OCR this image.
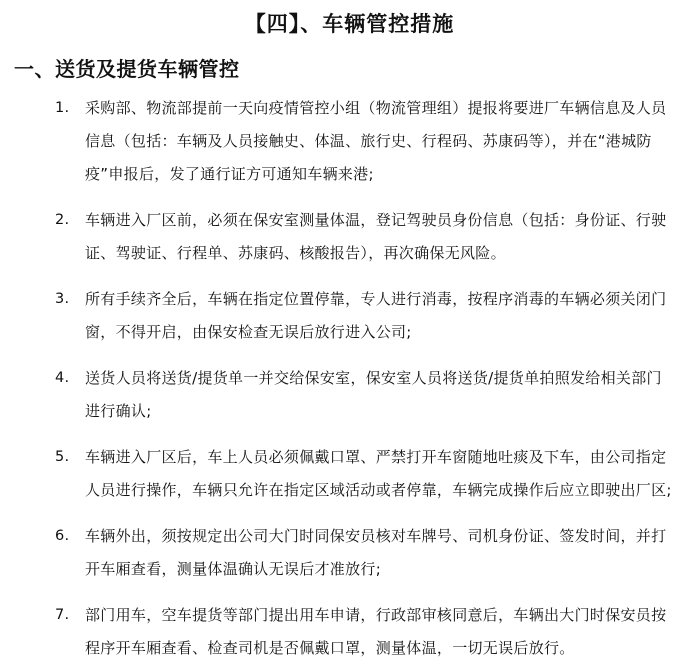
【四】、车辆管控措施
一、送货及提货车辆管控
1.	采购部、物流部提前一天向疫情管控小组（物流管理组）提报将要进厂车辆信息及人员信息（包括：车辆及人员接触史、体温、旅行史、行程码、苏康码等），并在“港城防疫”申报后，发了通行证方可通知车辆来港;
2.	车辆进入厂区前，必须在保安室测量体温，登记驾驶员身份信息（包括：身份证、行驶证、驾驶证、行程单、苏康码、核酸报告），再次确保无风险。
3.	所有手续齐全后，车辆在指定位置停靠，专人进行消毒，按程序消毒的车辆必须关闭门窗，不得开启，由保安检查无误后放行进入公司;
4.	送货人员将送货/提货单一并交给保安室，保安室人员将送货/提货单拍照发给相关部门进行确认;
5.	车辆进入厂区后，车上人员必须佩戴口罩、严禁打开车窗随地吐痰及下车，由公司指定人员进行操作，车辆只允许在指定区域活动或者停靠，车辆完成操作后应立即驶出厂区;
6.	车辆外出，须按规定出公司大门时同保安员核对车牌号、司机身份证、签发时间，并打开车厢查看，测量体温确认无误后才准放行;
7.	部门用车，空车提货等部门提出用车申请，行政部审核同意后，车辆出大门时保安员按程序开车厢查看、检查司机是否佩戴口罩，测量体温，一切无误后放行。
